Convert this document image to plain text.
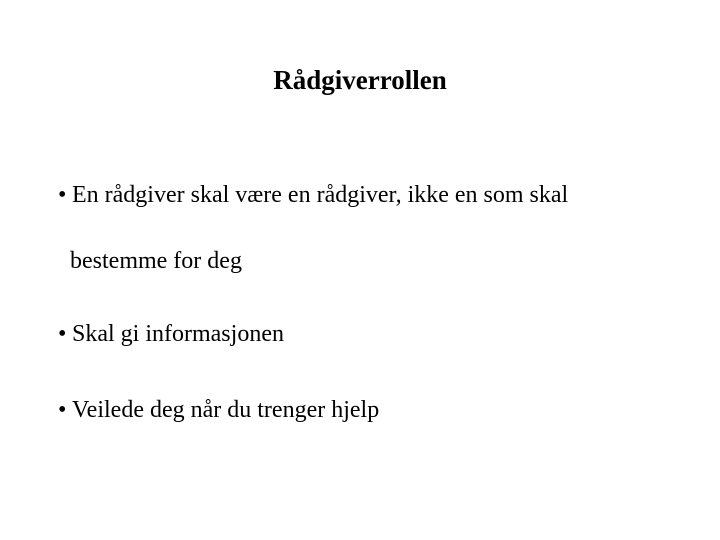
Rådgiverrollen
• En rådgiver skal være en rådgiver, ikke en som skal
bestemme for deg
• Skal gi informasjonen
• Veilede deg når du trenger hjelp
